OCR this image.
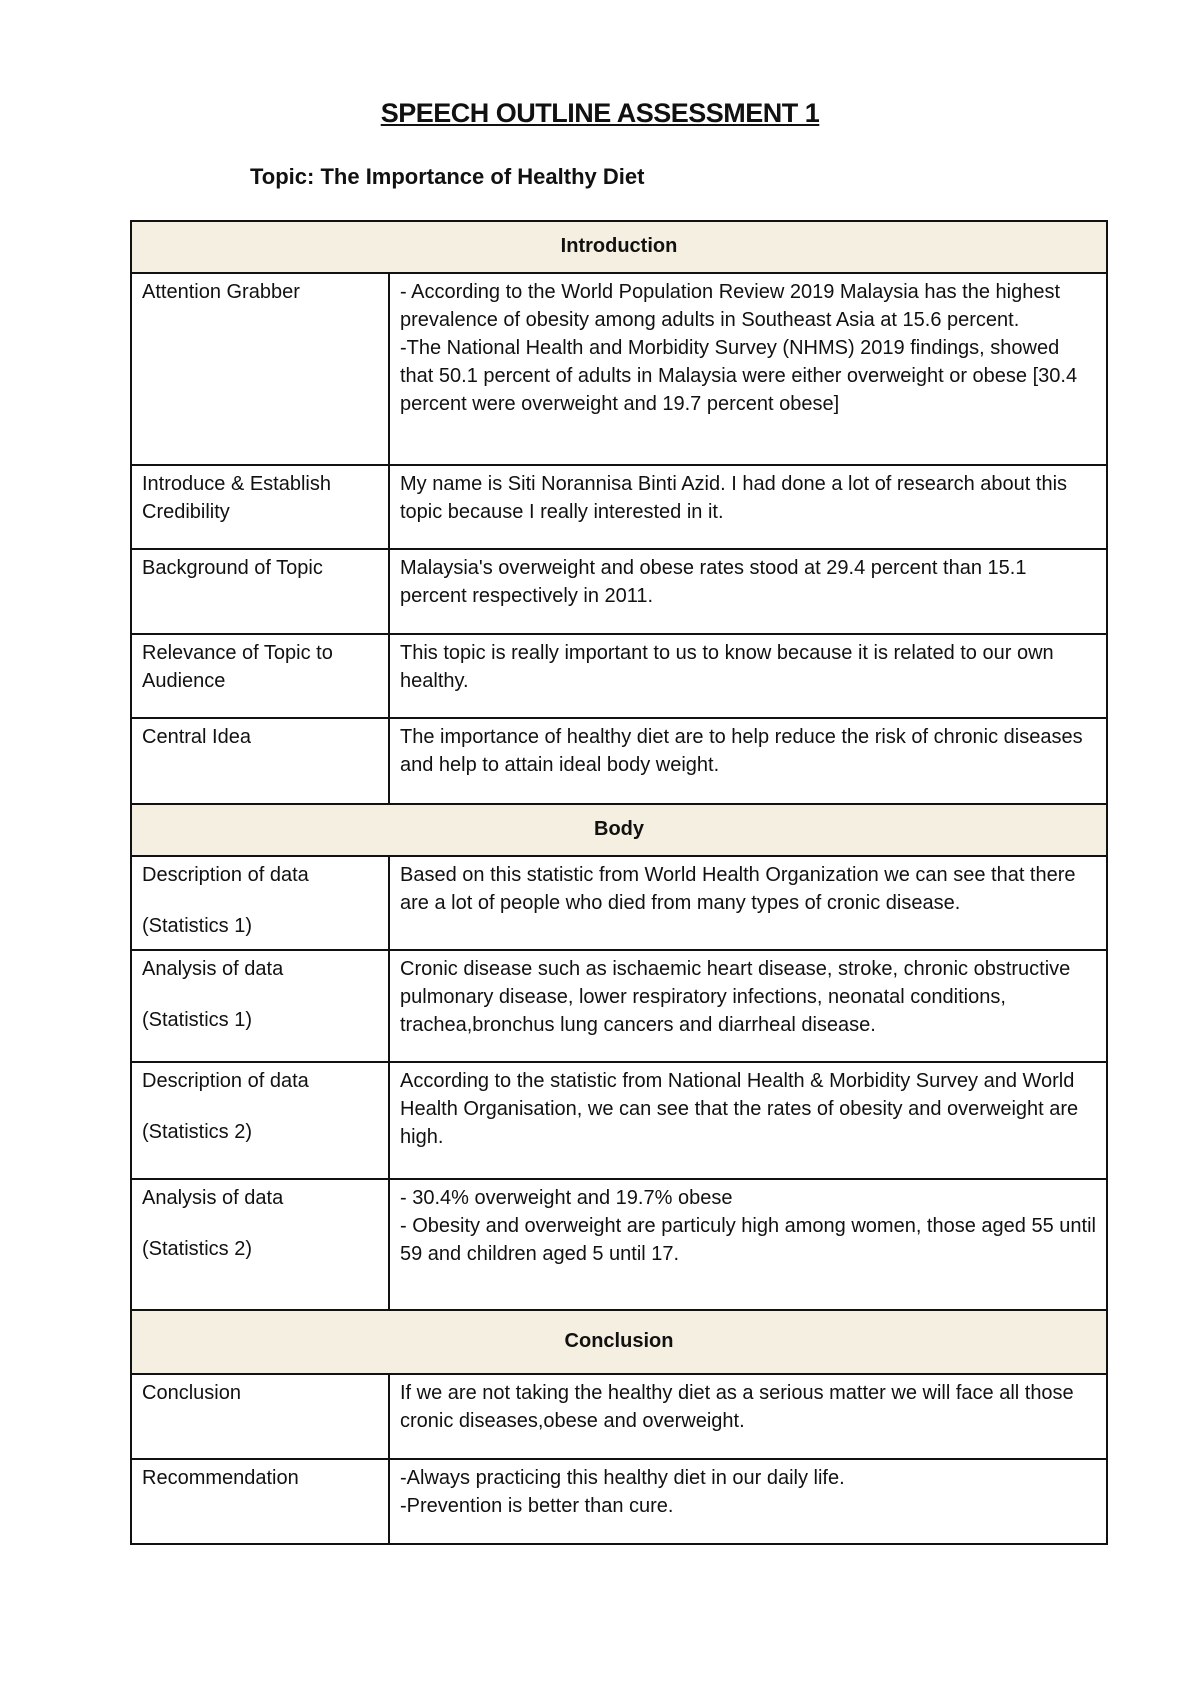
SPEECH OUTLINE ASSESSMENT 1
Topic: The Importance of Healthy Diet
Introduction	
Attention Grabber	- According to the World Population Review 2019 Malaysia has the highest prevalence of obesity among adults in Southeast Asia at 15.6 percent.
-The National Health and Morbidity Survey (NHMS) 2019 findings, showed that 50.1 percent of adults in Malaysia were either overweight or obese [30.4 percent were overweight and 19.7 percent obese]

Introduce & Establish Credibility	My name is Siti Norannisa Binti Azid. I had done a lot of research about this topic because I really interested in it.

Background of Topic	Malaysia's overweight and obese rates stood at 29.4 percent than 15.1 percent respectively in 2011.

Relevance of Topic to Audience	This topic is really important to us to know because it is related to our own healthy.

Central Idea	The importance of healthy diet are to help reduce the risk of chronic diseases and help to attain ideal body weight.

Body	

Description of data
(Statistics 1)	Based on this statistic from World Health Organization we can see that there are a lot of people who died from many types of cronic disease.

Analysis of data
(Statistics 1)	Cronic disease such as ischaemic heart disease, stroke, chronic obstructive pulmonary disease, lower respiratory infections, neonatal conditions, trachea,bronchus lung cancers and diarrheal disease.

Description of data
(Statistics 2)	According to the statistic from National Health & Morbidity Survey and World Health Organisation, we can see that the rates of obesity and overweight are high.

Analysis of data
(Statistics 2)	- 30.4% overweight and 19.7% obese
- Obesity and overweight are particuly high among women, those aged 55 until 59 and children aged 5 until 17.

Conclusion	
Conclusion	If we are not taking the healthy diet as a serious matter we will face all those cronic diseases,obese and overweight.

Recommendation	-Always practicing this healthy diet in our daily life.
-Prevention is better than cure.
